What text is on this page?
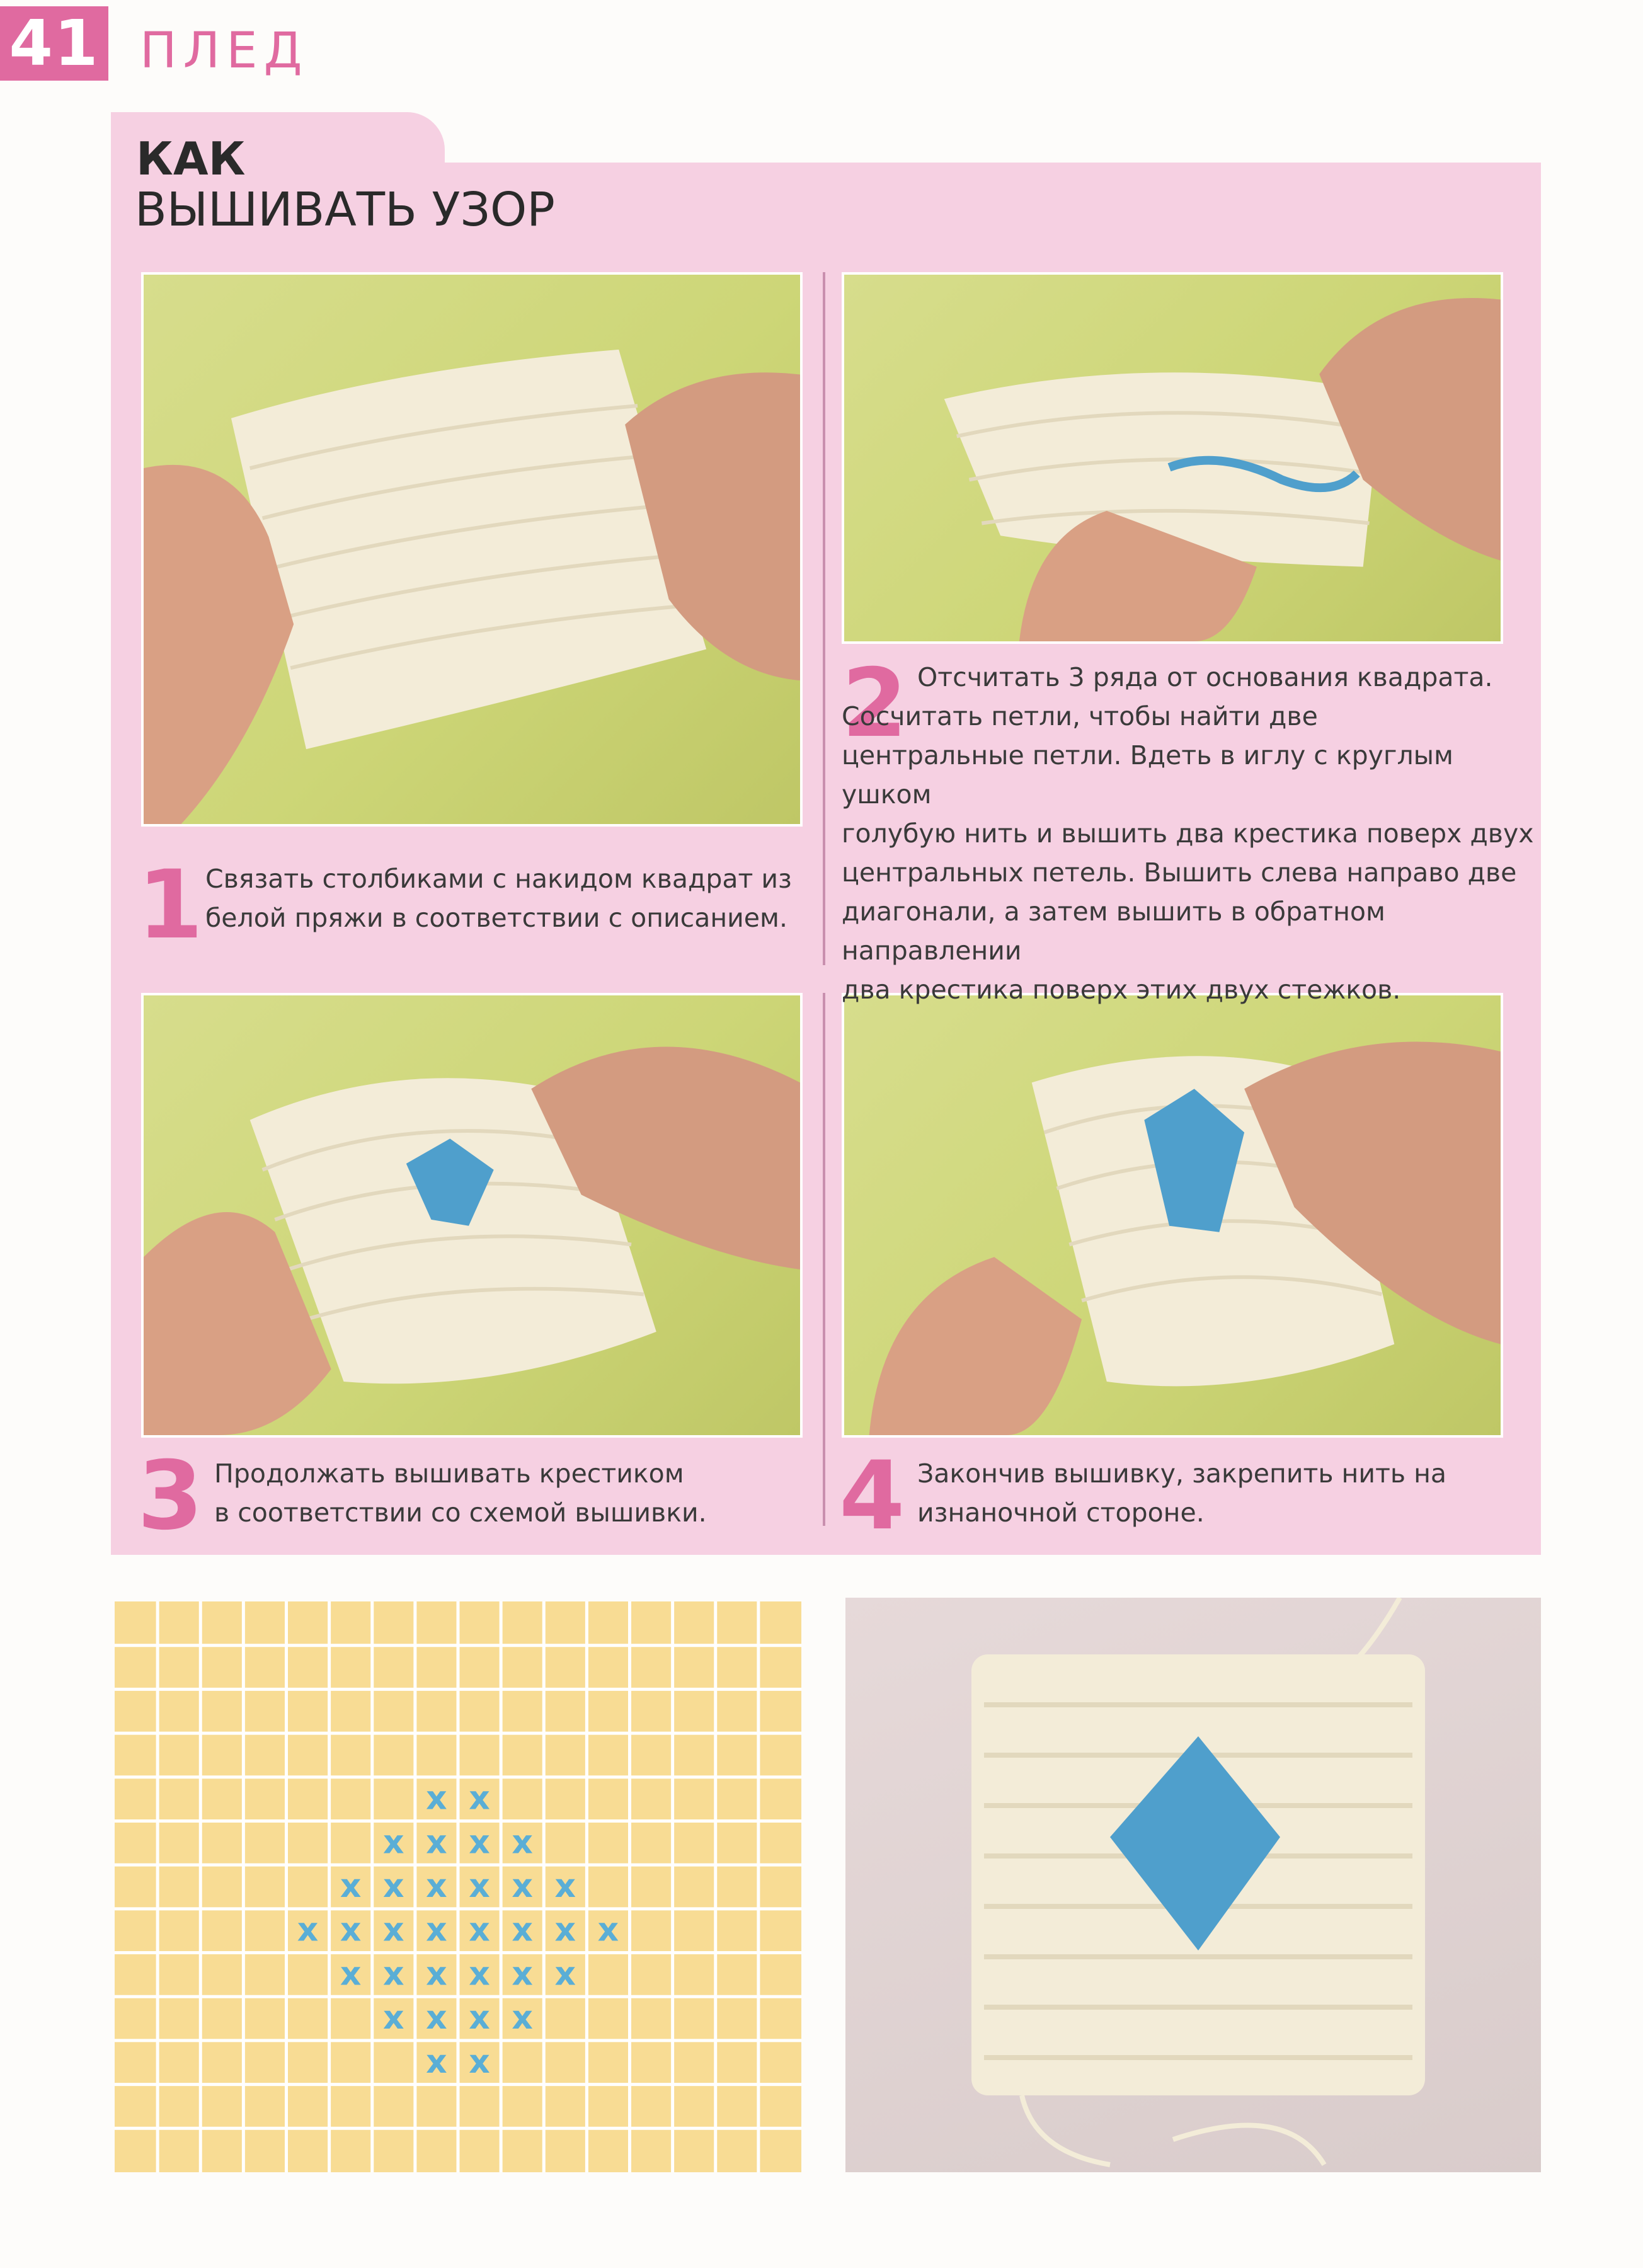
41 ПЛЕД
КАК
ВЫШИВАТЬ УЗОР
1 Связать столбиками с накидом квадрат из
белой пряжи в соответствии с описанием.
2 Отсчитать 3 ряда от основания квадрата.
Сосчитать петли, чтобы найти две
центральные петли. Вдеть в иглу с круглым ушком
голубую нить и вышить два крестика поверх двух
центральных петель. Вышить слева направо две
диагонали, а затем вышить в обратном направлении
два крестика поверх этих двух стежков.
3 Продолжать вышивать крестиком
в соответствии со схемой вышивки.	4 Закончив вышивку, закрепить нить на
изнаночной стороне.
x x
x x x x
x x x x x x
x x x x x x x x
x x x x x x
x x x x
x x
